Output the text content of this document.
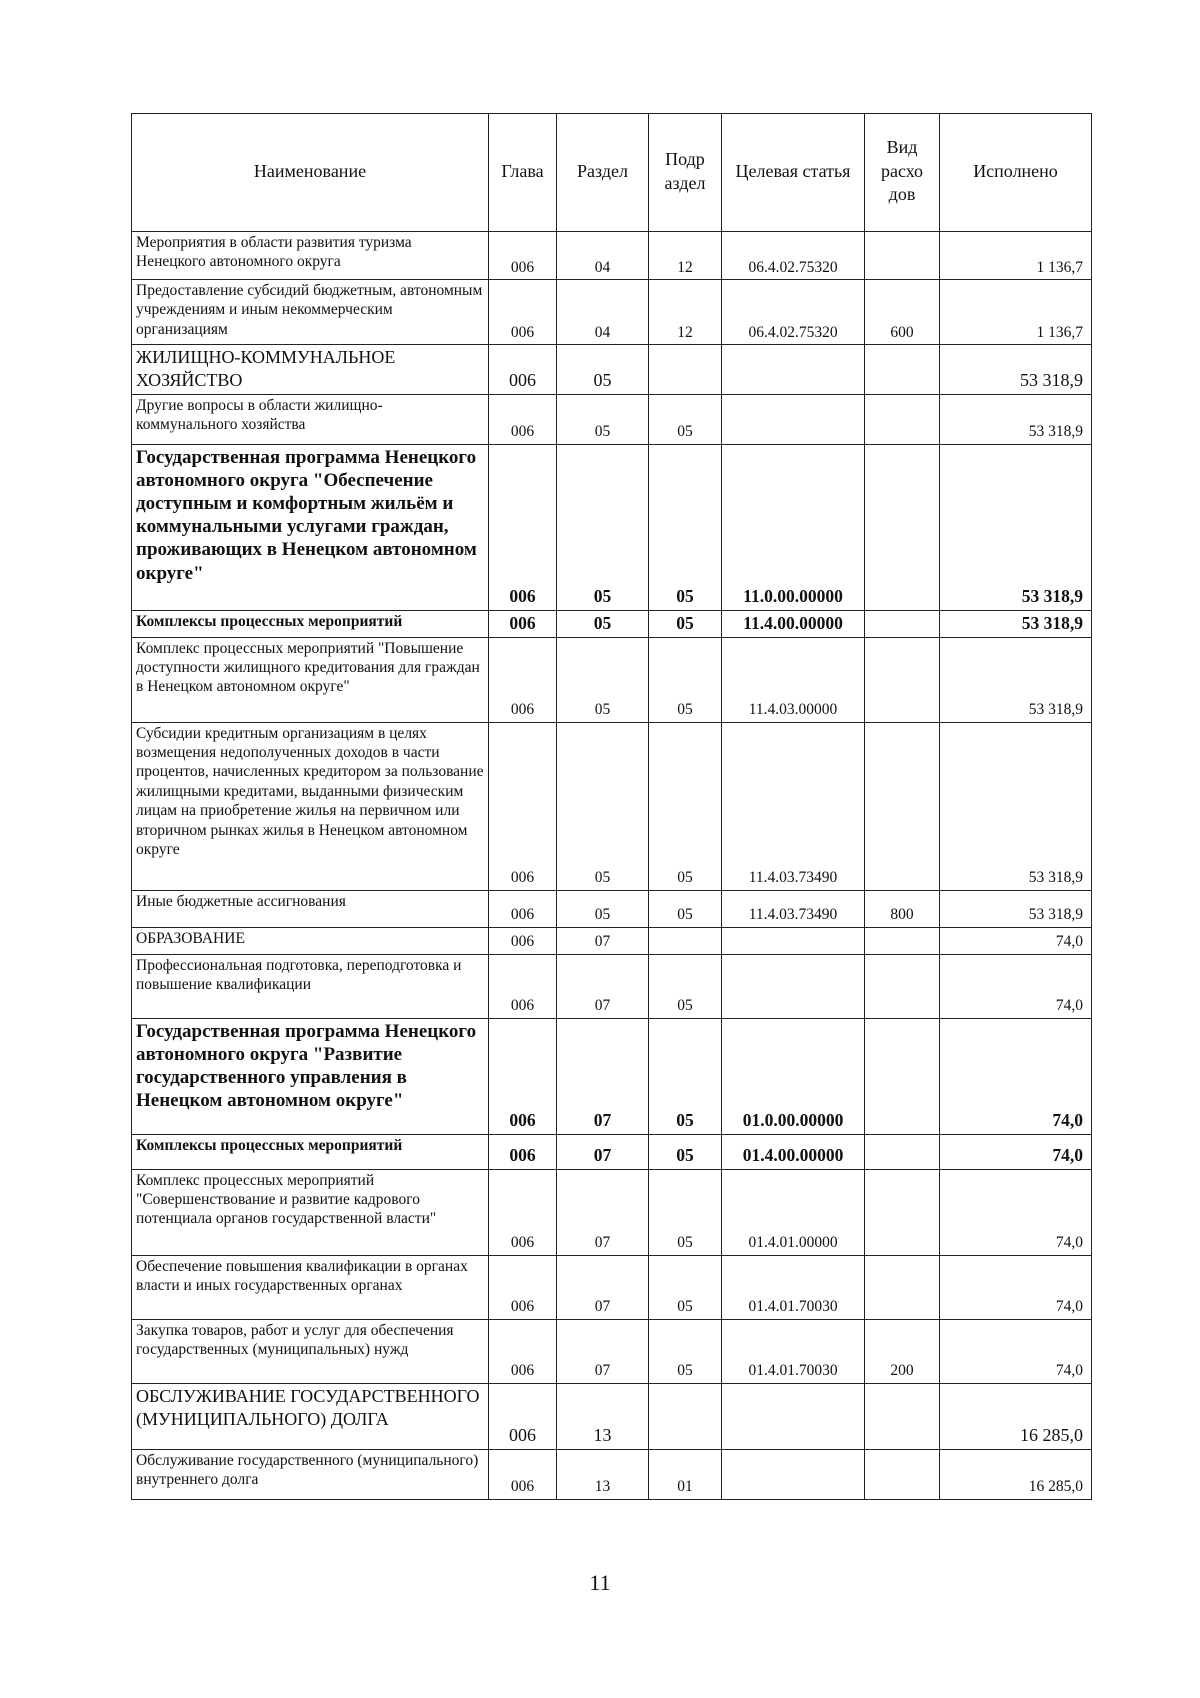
Наименование	Глава	Раздел	Подр аздел	Целевая статья	Вид расхо дов	Исполнено
Мероприятия в области развития туризма Ненецкого автономного округа	006	04	12	06.4.02.75320		1 136,7
Предоставление субсидий бюджетным, автономным учреждениям и иным некоммерческим организациям	006	04	12	06.4.02.75320	600	1 136,7
ЖИЛИЩНО-КОММУНАЛЬНОЕ ХОЗЯЙСТВО	006	05				53 318,9
Другие вопросы в области жилищно-коммунального хозяйства	006	05	05			53 318,9
Государственная программа Ненецкого автономного округа "Обеспечение доступным и комфортным жильём и коммунальными услугами граждан, проживающих в Ненецком автономном округе"	006	05	05	11.0.00.00000		53 318,9
Комплексы процессных мероприятий	006	05	05	11.4.00.00000		53 318,9
Комплекс процессных мероприятий "Повышение доступности жилищного кредитования для граждан в Ненецком автономном округе"	006	05	05	11.4.03.00000		53 318,9
Субсидии кредитным организациям в целях возмещения недополученных доходов в части процентов, начисленных кредитором за пользование жилищными кредитами, выданными физическим лицам на приобретение жилья на первичном или вторичном рынках жилья в Ненецком автономном округе	006	05	05	11.4.03.73490		53 318,9
Иные бюджетные ассигнования	006	05	05	11.4.03.73490	800	53 318,9
ОБРАЗОВАНИЕ	006	07				74,0
Профессиональная подготовка, переподготовка и повышение квалификации	006	07	05			74,0
Государственная программа Ненецкого автономного округа "Развитие государственного управления в Ненецком автономном округе"	006	07	05	01.0.00.00000		74,0
Комплексы процессных мероприятий	006	07	05	01.4.00.00000		74,0
Комплекс процессных мероприятий "Совершенствование и развитие кадрового потенциала органов государственной власти"	006	07	05	01.4.01.00000		74,0
Обеспечение повышения квалификации в органах власти и иных государственных органах	006	07	05	01.4.01.70030		74,0
Закупка товаров, работ и услуг для обеспечения государственных (муниципальных) нужд	006	07	05	01.4.01.70030	200	74,0
ОБСЛУЖИВАНИЕ ГОСУДАРСТВЕННОГО (МУНИЦИПАЛЬНОГО) ДОЛГА	006	13				16 285,0
Обслуживание государственного (муниципального) внутреннего долга	006	13	01			16 285,0
11
